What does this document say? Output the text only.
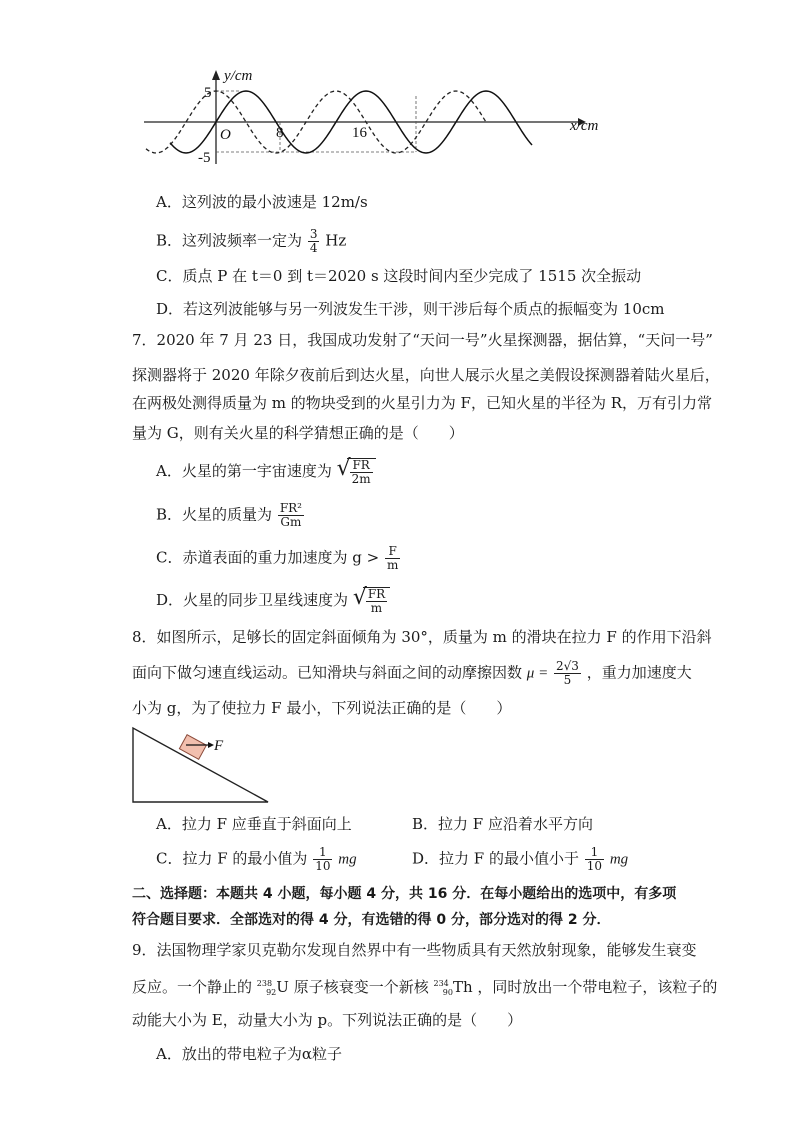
y/cm
x/cm
O	8	16
5
-5
A．这列波的最小波速是 12m/s
B．这列波频率一定为 $\frac{3}{4}$ Hz
C．质点 P 在 t＝0 到 t＝2020 s 这段时间内至少完成了 1515 次全振动
D．若这列波能够与另一列波发生干涉，则干涉后每个质点的振幅变为 10cm
7．2020 年 7 月 23 日，我国成功发射了“天问一号”火星探测器，据估算，“天问一号”
探测器将于 2020 年除夕夜前后到达火星，向世人展示火星之美假设探测器着陆火星后，
在两极处测得质量为 m 的物块受到的火星引力为 F，已知火星的半径为 R，万有引力常
量为 G，则有关火星的科学猜想正确的是（　　）
A．火星的第一宇宙速度为 √
$\frac{FR}{2m}$
B．火星的质量为 $\frac{\text{FR²}}{Gm}$
C．赤道表面的重力加速度为 $g > \frac{F}{m}$
D．火星的同步卫星线速度为 √
$\frac{FR}{m}$
8．如图所示，足够长的固定斜面倾角为 30°，质量为 m 的滑块在拉力 F 的作用下沿斜
面向下做匀速直线运动。已知滑块与斜面之间的动摩擦因数 $\mu = \frac{2√3}{5}$ ，重力加速度大
小为 g，为了使拉力 F 最小，下列说法正确的是（　　）
F
A．拉力 F 应垂直于斜面向上	B．拉力 F 应沿着水平方向
C．拉力 F 的最小值为 $\frac{1}{10}$ mg	D．拉力 F 的最小值小于 $\frac{1}{10}$ mg
二、选择题：本题共 4 小题，每小题 4 分，共 16 分．在每小题给出的选项中，有多项
符合题目要求．全部选对的得 4 分，有选错的得 0 分，部分选对的得 2 分．
9．法国物理学家贝克勒尔发现自然界中有一些物质具有天然放射现象，能够发生衰变
反应。一个静止的 $^{238}_{92}$U 原子核衰变一个新核 $^{234}_{90}$Th ，同时放出一个带电粒子，该粒子的
动能大小为 E，动量大小为 p。下列说法正确的是（　　）
A．放出的带电粒子为α粒子
